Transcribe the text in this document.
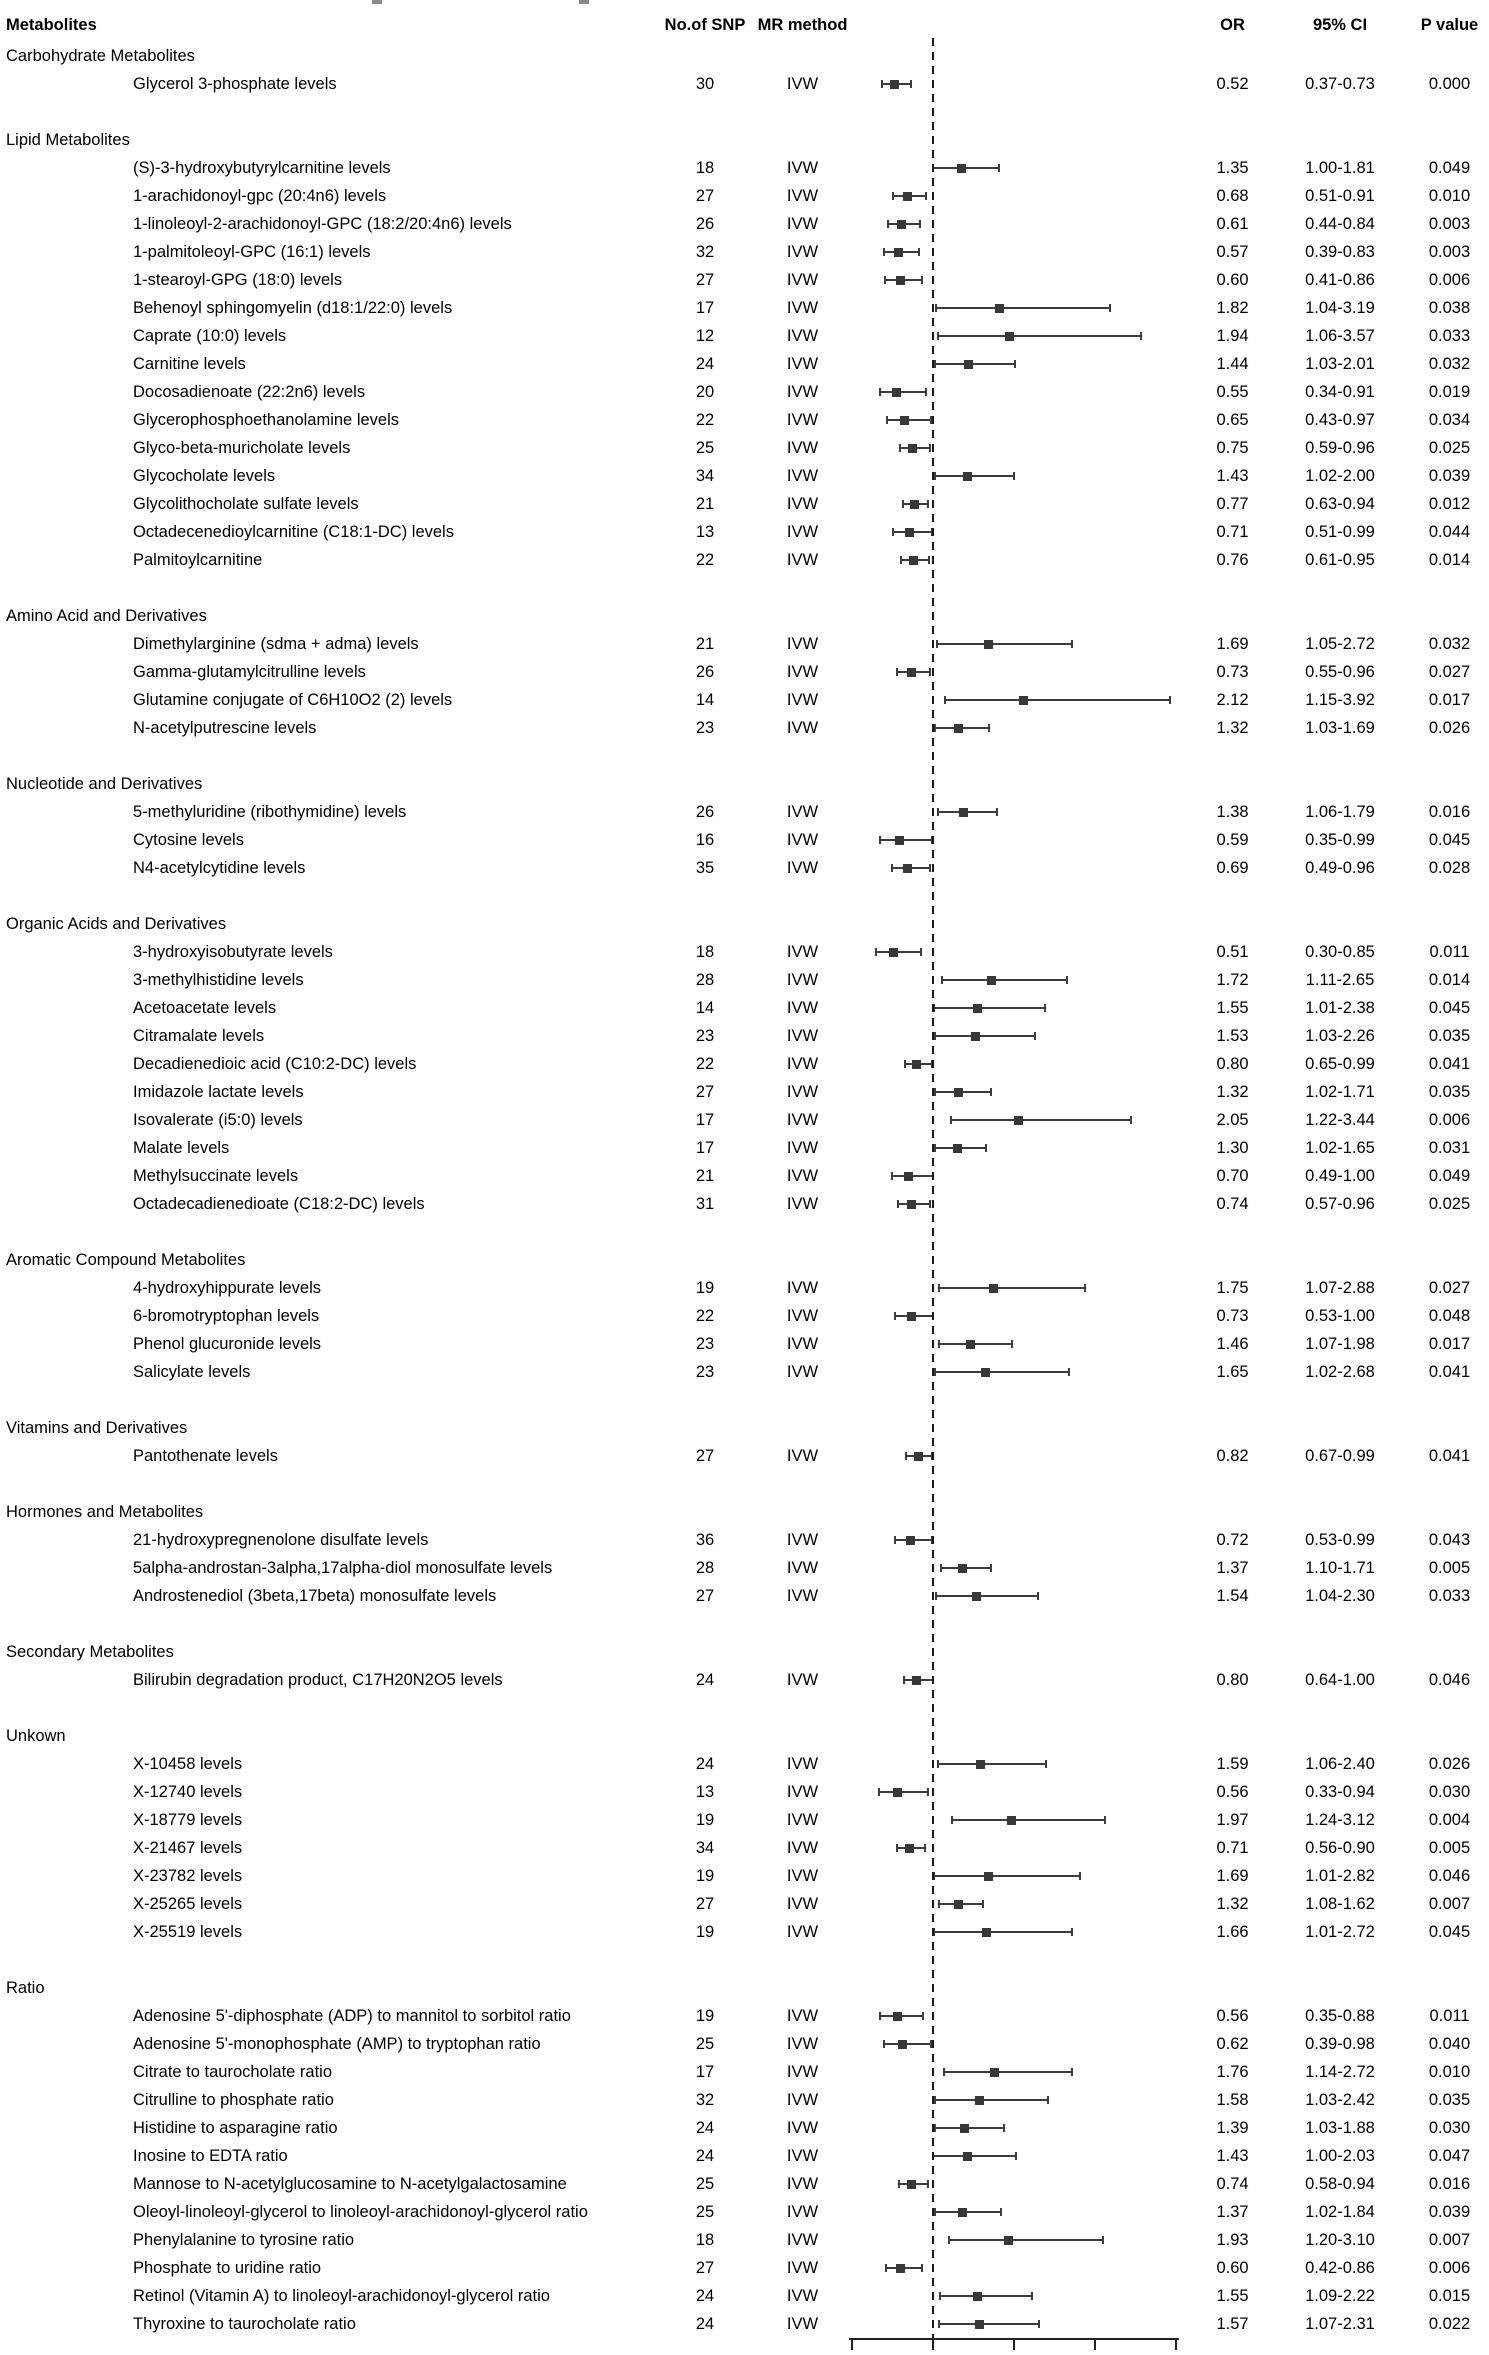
Metabolites	No.of SNP MR method	OR	95% CI	P value
Carbohydrate Metabolites
Glycerol 3-phosphate levels	30	IVW	0.52	0.37-0.73	0.000
Lipid Metabolites
(S)-3-hydroxybutyrylcarnitine levels	18	IVW	1.35	1.00-1.81	0.049
1-arachidonoyl-gpc (20:4n6) levels	27	IVW	0.68	0.51-0.91	0.010
1-linoleoyl-2-arachidonoyl-GPC (18:2/20:4n6) levels	26	IVW	0.61	0.44-0.84	0.003
1-palmitoleoyl-GPC (16:1) levels	32	IVW	0.57	0.39-0.83	0.003
1-stearoyl-GPG (18:0) levels	27	IVW	0.60	0.41-0.86	0.006
Behenoyl sphingomyelin (d18:1/22:0) levels	17	IVW	1.82	1.04-3.19	0.038
Caprate (10:0) levels	12	IVW	1.94	1.06-3.57	0.033
Carnitine levels	24	IVW	1.44	1.03-2.01	0.032
Docosadienoate (22:2n6) levels	20	IVW	0.55	0.34-0.91	0.019
Glycerophosphoethanolamine levels	22	IVW	0.65	0.43-0.97	0.034
Glyco-beta-muricholate levels	25	IVW	0.75	0.59-0.96	0.025
Glycocholate levels	34	IVW	1.43	1.02-2.00	0.039
Glycolithocholate sulfate levels	21	IVW	0.77	0.63-0.94	0.012
Octadecenedioylcarnitine (C18:1-DC) levels	13	IVW	0.71	0.51-0.99	0.044
Palmitoylcarnitine	22	IVW	0.76	0.61-0.95	0.014
Amino Acid and Derivatives
Dimethylarginine (sdma + adma) levels	21	IVW	1.69	1.05-2.72	0.032
Gamma-glutamylcitrulline levels	26	IVW	0.73	0.55-0.96	0.027
Glutamine conjugate of C6H10O2 (2) levels	14	IVW	2.12	1.15-3.92	0.017
N-acetylputrescine levels	23	IVW	1.32	1.03-1.69	0.026
Nucleotide and Derivatives
5-methyluridine (ribothymidine) levels	26	IVW	1.38	1.06-1.79	0.016
Cytosine levels	16	IVW	0.59	0.35-0.99	0.045
N4-acetylcytidine levels	35	IVW	0.69	0.49-0.96	0.028
Organic Acids and Derivatives
3-hydroxyisobutyrate levels	18	IVW	0.51	0.30-0.85	0.011
3-methylhistidine levels	28	IVW	1.72	1.11-2.65	0.014
Acetoacetate levels	14	IVW	1.55	1.01-2.38	0.045
Citramalate levels	23	IVW	1.53	1.03-2.26	0.035
Decadienedioic acid (C10:2-DC) levels	22	IVW	0.80	0.65-0.99	0.041
Imidazole lactate levels	27	IVW	1.32	1.02-1.71	0.035
Isovalerate (i5:0) levels	17	IVW	2.05	1.22-3.44	0.006
Malate levels	17	IVW	1.30	1.02-1.65	0.031
Methylsuccinate levels	21	IVW	0.70	0.49-1.00	0.049
Octadecadienedioate (C18:2-DC) levels	31	IVW	0.74	0.57-0.96	0.025
Aromatic Compound Metabolites
4-hydroxyhippurate levels	19	IVW	1.75	1.07-2.88	0.027
6-bromotryptophan levels	22	IVW	0.73	0.53-1.00	0.048
Phenol glucuronide levels	23	IVW	1.46	1.07-1.98	0.017
Salicylate levels	23	IVW	1.65	1.02-2.68	0.041
Vitamins and Derivatives
Pantothenate levels	27	IVW	0.82	0.67-0.99	0.041
Hormones and Metabolites
21-hydroxypregnenolone disulfate levels	36	IVW	0.72	0.53-0.99	0.043
5alpha-androstan-3alpha,17alpha-diol monosulfate levels	28	IVW	1.37	1.10-1.71	0.005
Androstenediol (3beta,17beta) monosulfate levels	27	IVW	1.54	1.04-2.30	0.033
Secondary Metabolites
Bilirubin degradation product, C17H20N2O5 levels	24	IVW	0.80	0.64-1.00	0.046
Unkown
X-10458 levels	24	IVW	1.59	1.06-2.40	0.026
X-12740 levels	13	IVW	0.56	0.33-0.94	0.030
X-18779 levels	19	IVW	1.97	1.24-3.12	0.004
X-21467 levels	34	IVW	0.71	0.56-0.90	0.005
X-23782 levels	19	IVW	1.69	1.01-2.82	0.046
X-25265 levels	27	IVW	1.32	1.08-1.62	0.007
X-25519 levels	19	IVW	1.66	1.01-2.72	0.045
Ratio
Adenosine 5'-diphosphate (ADP) to mannitol to sorbitol ratio	19	IVW	0.56	0.35-0.88	0.011
Adenosine 5'-monophosphate (AMP) to tryptophan ratio	25	IVW	0.62	0.39-0.98	0.040
Citrate to taurocholate ratio	17	IVW	1.76	1.14-2.72	0.010
Citrulline to phosphate ratio	32	IVW	1.58	1.03-2.42	0.035
Histidine to asparagine ratio	24	IVW	1.39	1.03-1.88	0.030
Inosine to EDTA ratio	24	IVW	1.43	1.00-2.03	0.047
Mannose to N-acetylglucosamine to N-acetylgalactosamine	25	IVW	0.74	0.58-0.94	0.016
Oleoyl-linoleoyl-glycerol to linoleoyl-arachidonoyl-glycerol ratio	25	IVW	1.37	1.02-1.84	0.039
Phenylalanine to tyrosine ratio	18	IVW	1.93	1.20-3.10	0.007
Phosphate to uridine ratio	27	IVW	0.60	0.42-0.86	0.006
Retinol (Vitamin A) to linoleoyl-arachidonoyl-glycerol ratio	24	IVW	1.55	1.09-2.22	0.015
Thyroxine to taurocholate ratio	24	IVW	1.57	1.07-2.31	0.022
